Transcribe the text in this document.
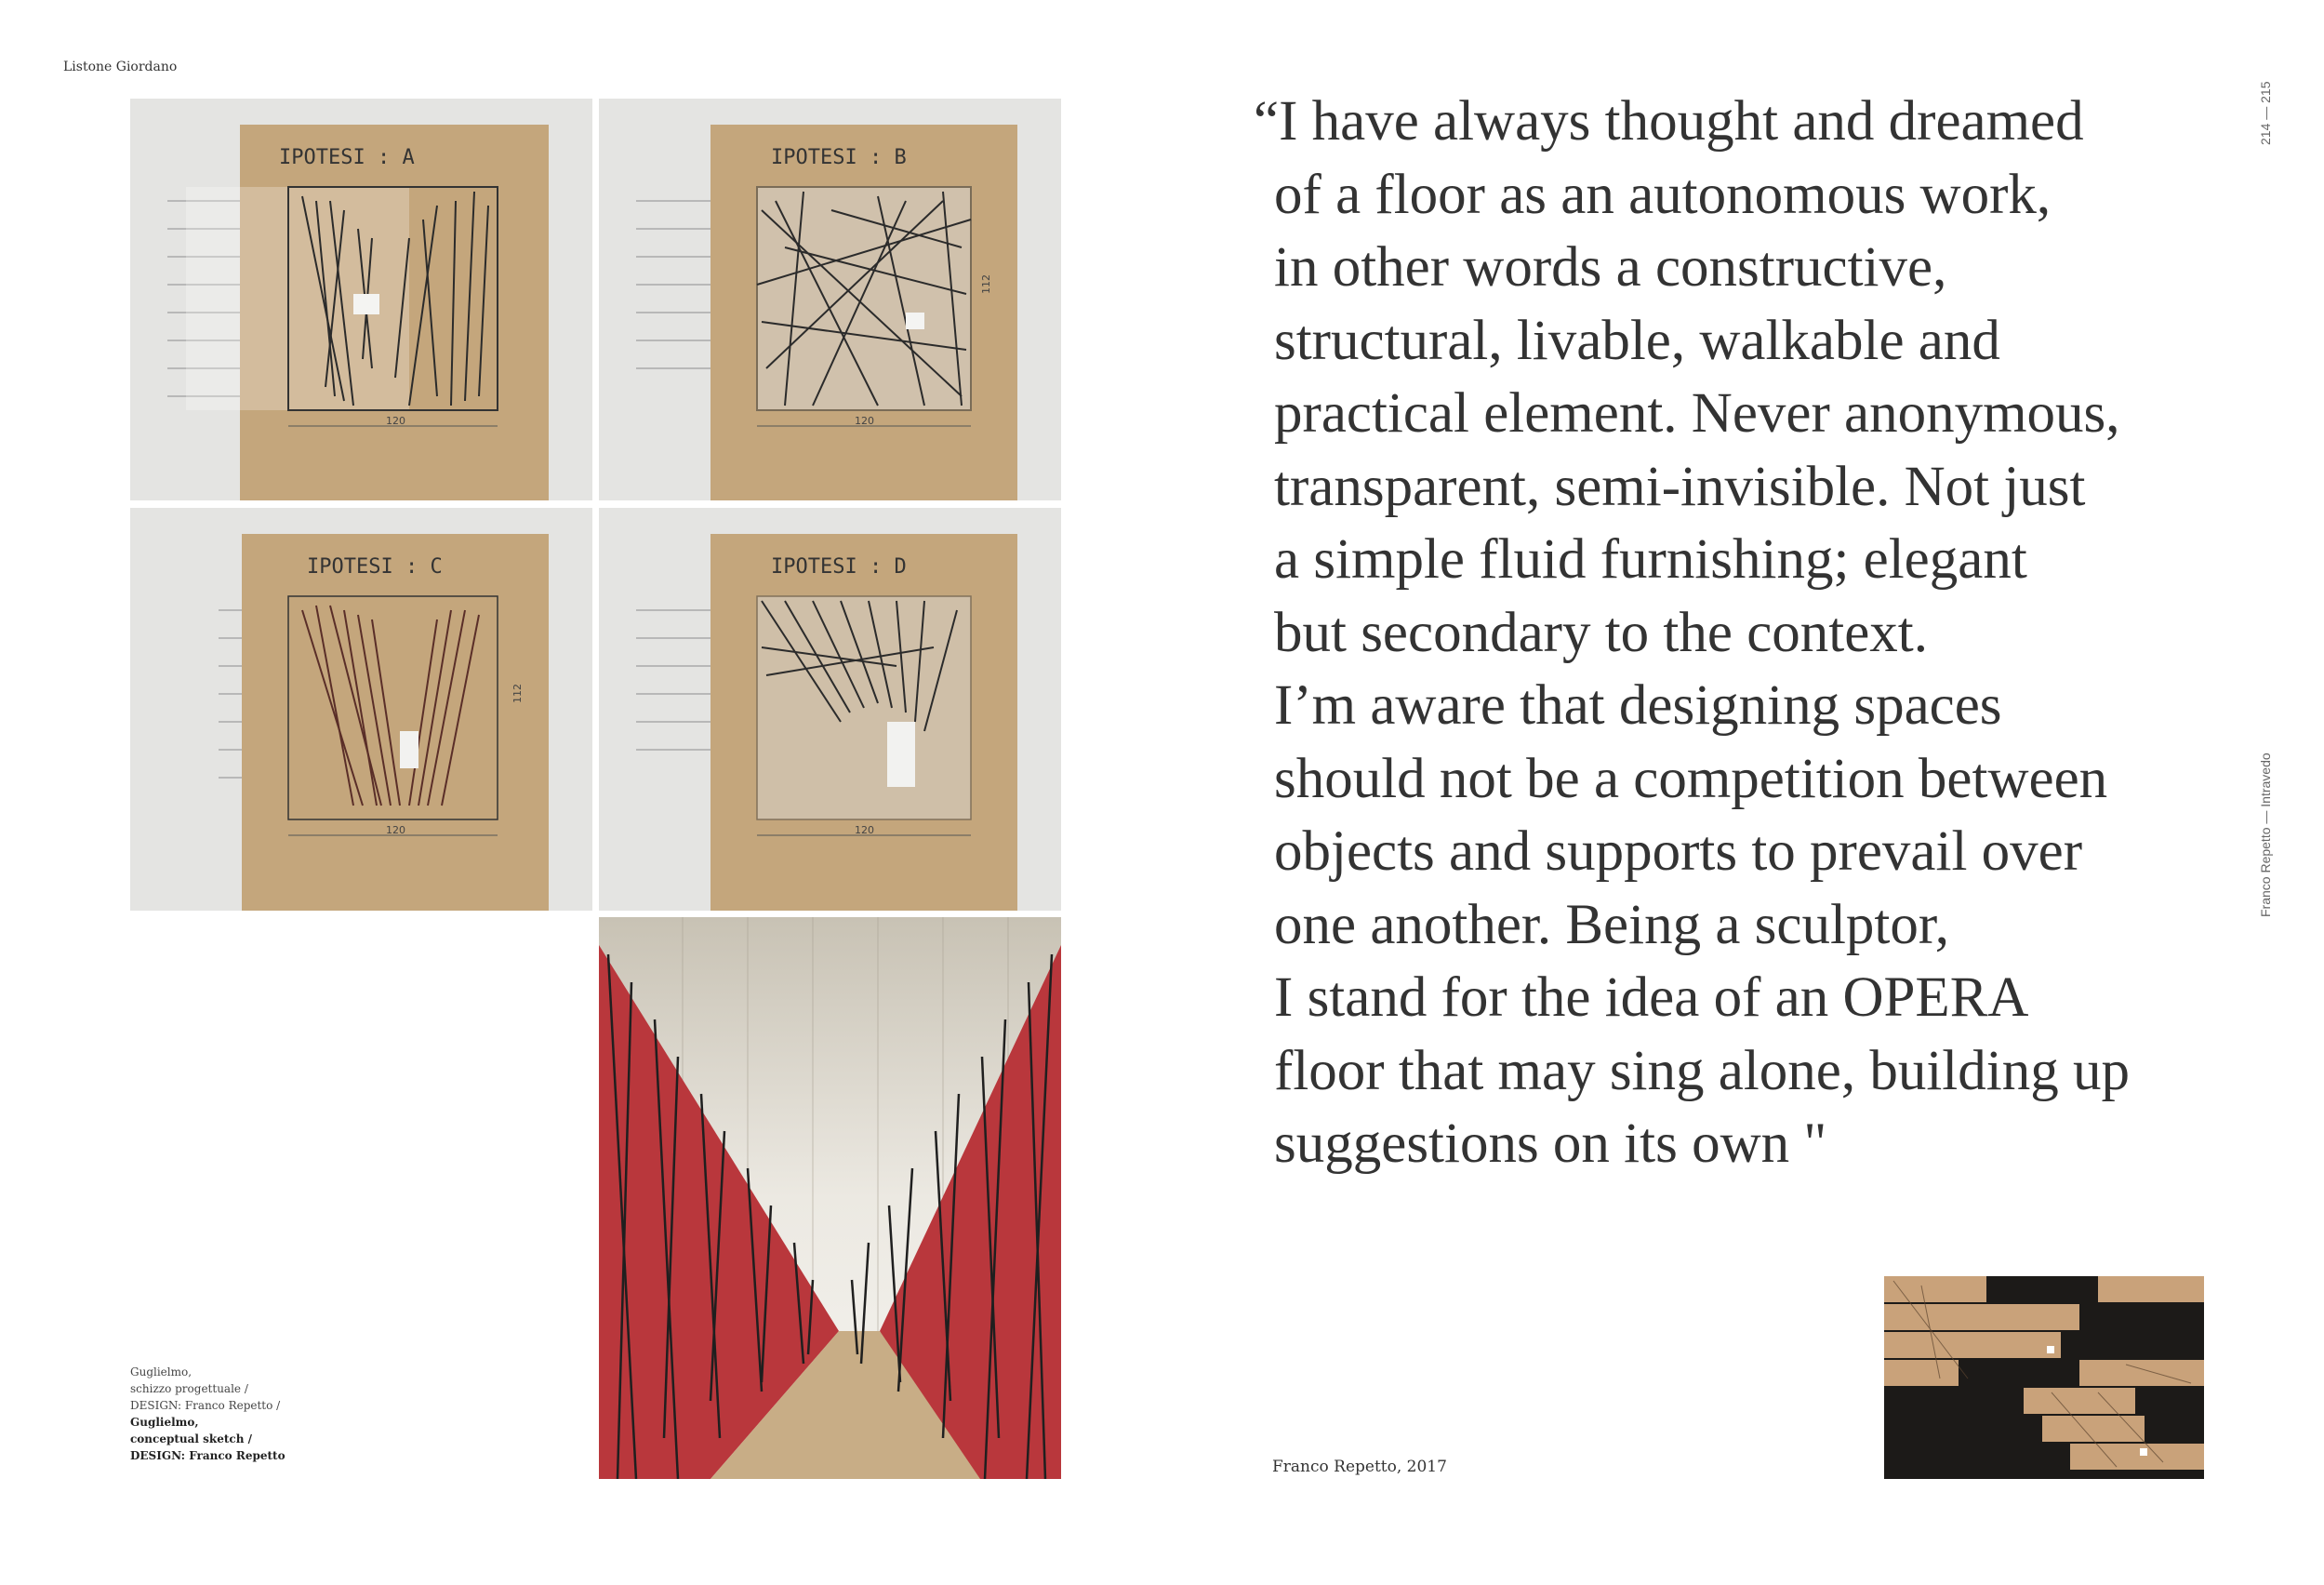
Listone Giordano
IPOTESI : A
120
IPOTESI : B
120
112
IPOTESI : C
120
112
IPOTESI : D
120
Guglielmo,
schizzo progettuale /
DESIGN: Franco Repetto /
Guglielmo,
conceptual sketch /
DESIGN: Franco Repetto

“I have always thought and dreamed
of a floor as an autonomous work,
in other words a constructive,
structural, livable, walkable and
practical element. Never anonymous,
transparent, semi-invisible. Not just
a simple fluid furnishing; elegant
but secondary to the context.
I’m aware that designing spaces
should not be a competition between
objects and supports to prevail over
one another. Being a sculptor,
I stand for the idea of an OPERA
floor that may sing alone, building up
suggestions on its own "

Franco Repetto, 2017
214 — 215
Franco Repetto — Intravedo
